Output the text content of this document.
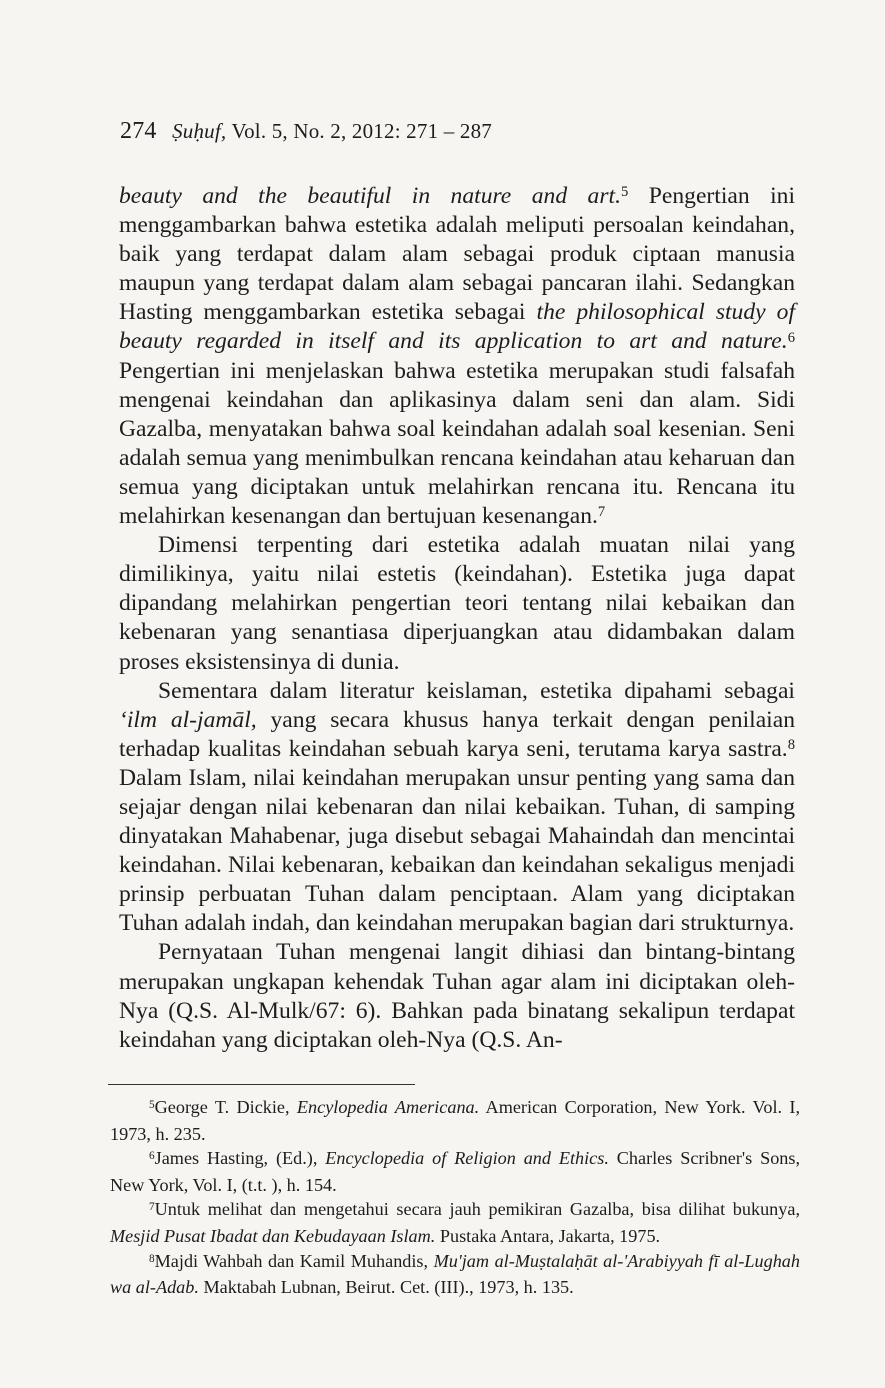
274 Ṣuḥuf, Vol. 5, No. 2, 2012: 271 – 287

beauty and the beautiful in nature and art.$^5$ Pengertian ini menggambarkan bahwa estetika adalah meliputi persoalan keindahan, baik yang terdapat dalam alam sebagai produk ciptaan manusia maupun yang terdapat dalam alam sebagai pancaran ilahi. Sedangkan Hasting menggambarkan estetika sebagai the philosophical study of beauty regarded in itself and its application to art and nature.$^6$ Pengertian ini menjelaskan bahwa estetika merupakan studi falsafah mengenai keindahan dan aplikasinya dalam seni dan alam. Sidi Gazalba, menyatakan bahwa soal keindahan adalah soal kesenian. Seni adalah semua yang menimbulkan rencana keindahan atau keharuan dan semua yang diciptakan untuk melahirkan rencana itu. Rencana itu melahirkan kesenangan dan bertujuan kesenangan.$^7$

Dimensi terpenting dari estetika adalah muatan nilai yang dimilikinya, yaitu nilai estetis (keindahan). Estetika juga dapat dipandang melahirkan pengertian teori tentang nilai kebaikan dan kebenaran yang senantiasa diperjuangkan atau didambakan dalam proses eksistensinya di dunia.

Sementara dalam literatur keislaman, estetika dipahami sebagai ‘ilm al-jamāl, yang secara khusus hanya terkait dengan penilaian terhadap kualitas keindahan sebuah karya seni, terutama karya sastra.$^8$ Dalam Islam, nilai keindahan merupakan unsur penting yang sama dan sejajar dengan nilai kebenaran dan nilai kebaikan. Tuhan, di samping dinyatakan Mahabenar, juga disebut sebagai Mahaindah dan mencintai keindahan. Nilai kebenaran, kebaikan dan keindahan sekaligus menjadi prinsip perbuatan Tuhan dalam penciptaan. Alam yang diciptakan Tuhan adalah indah, dan keindahan merupakan bagian dari strukturnya.

Pernyataan Tuhan mengenai langit dihiasi dan bintang-bintang merupakan ungkapan kehendak Tuhan agar alam ini diciptakan oleh-Nya (Q.S. Al-Mulk/67: 6). Bahkan pada binatang sekalipun terdapat keindahan yang diciptakan oleh-Nya (Q.S. An-

$^5$George T. Dickie, Encylopedia Americana. American Corporation, New York. Vol. I, 1973, h. 235.

$^6$James Hasting, (Ed.), Encyclopedia of Religion and Ethics. Charles Scribner's Sons, New York, Vol. I, (t.t. ), h. 154.

$^7$Untuk melihat dan mengetahui secara jauh pemikiran Gazalba, bisa dilihat bukunya, Mesjid Pusat Ibadat dan Kebudayaan Islam. Pustaka Antara, Jakarta, 1975.

$^8$Majdi Wahbah dan Kamil Muhandis, Mu'jam al-Muṣtalaḥāt al-'Arabiyyah fī al-Lughah wa al-Adab. Maktabah Lubnan, Beirut. Cet. (III)., 1973, h. 135.
